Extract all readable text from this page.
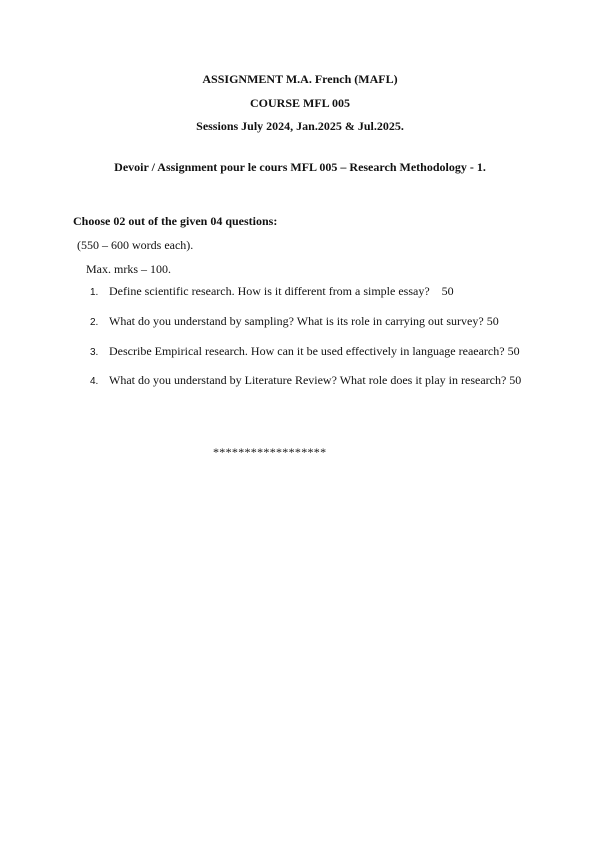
ASSIGNMENT M.A. French (MAFL)
COURSE MFL 005
Sessions July 2024, Jan.2025 & Jul.2025.
Devoir / Assignment pour le cours MFL 005 – Research Methodology - 1.
Choose 02 out of the given 04 questions:
(550 – 600 words each).
Max. mrks – 100.
1. Define scientific research. How is it different from a simple essay?    50
2. What do you understand by sampling? What is its role in carrying out survey? 50
3. Describe Empirical research. How can it be used effectively in language reaearch? 50
4. What do you understand by Literature Review? What role does it play in research? 50
******************
